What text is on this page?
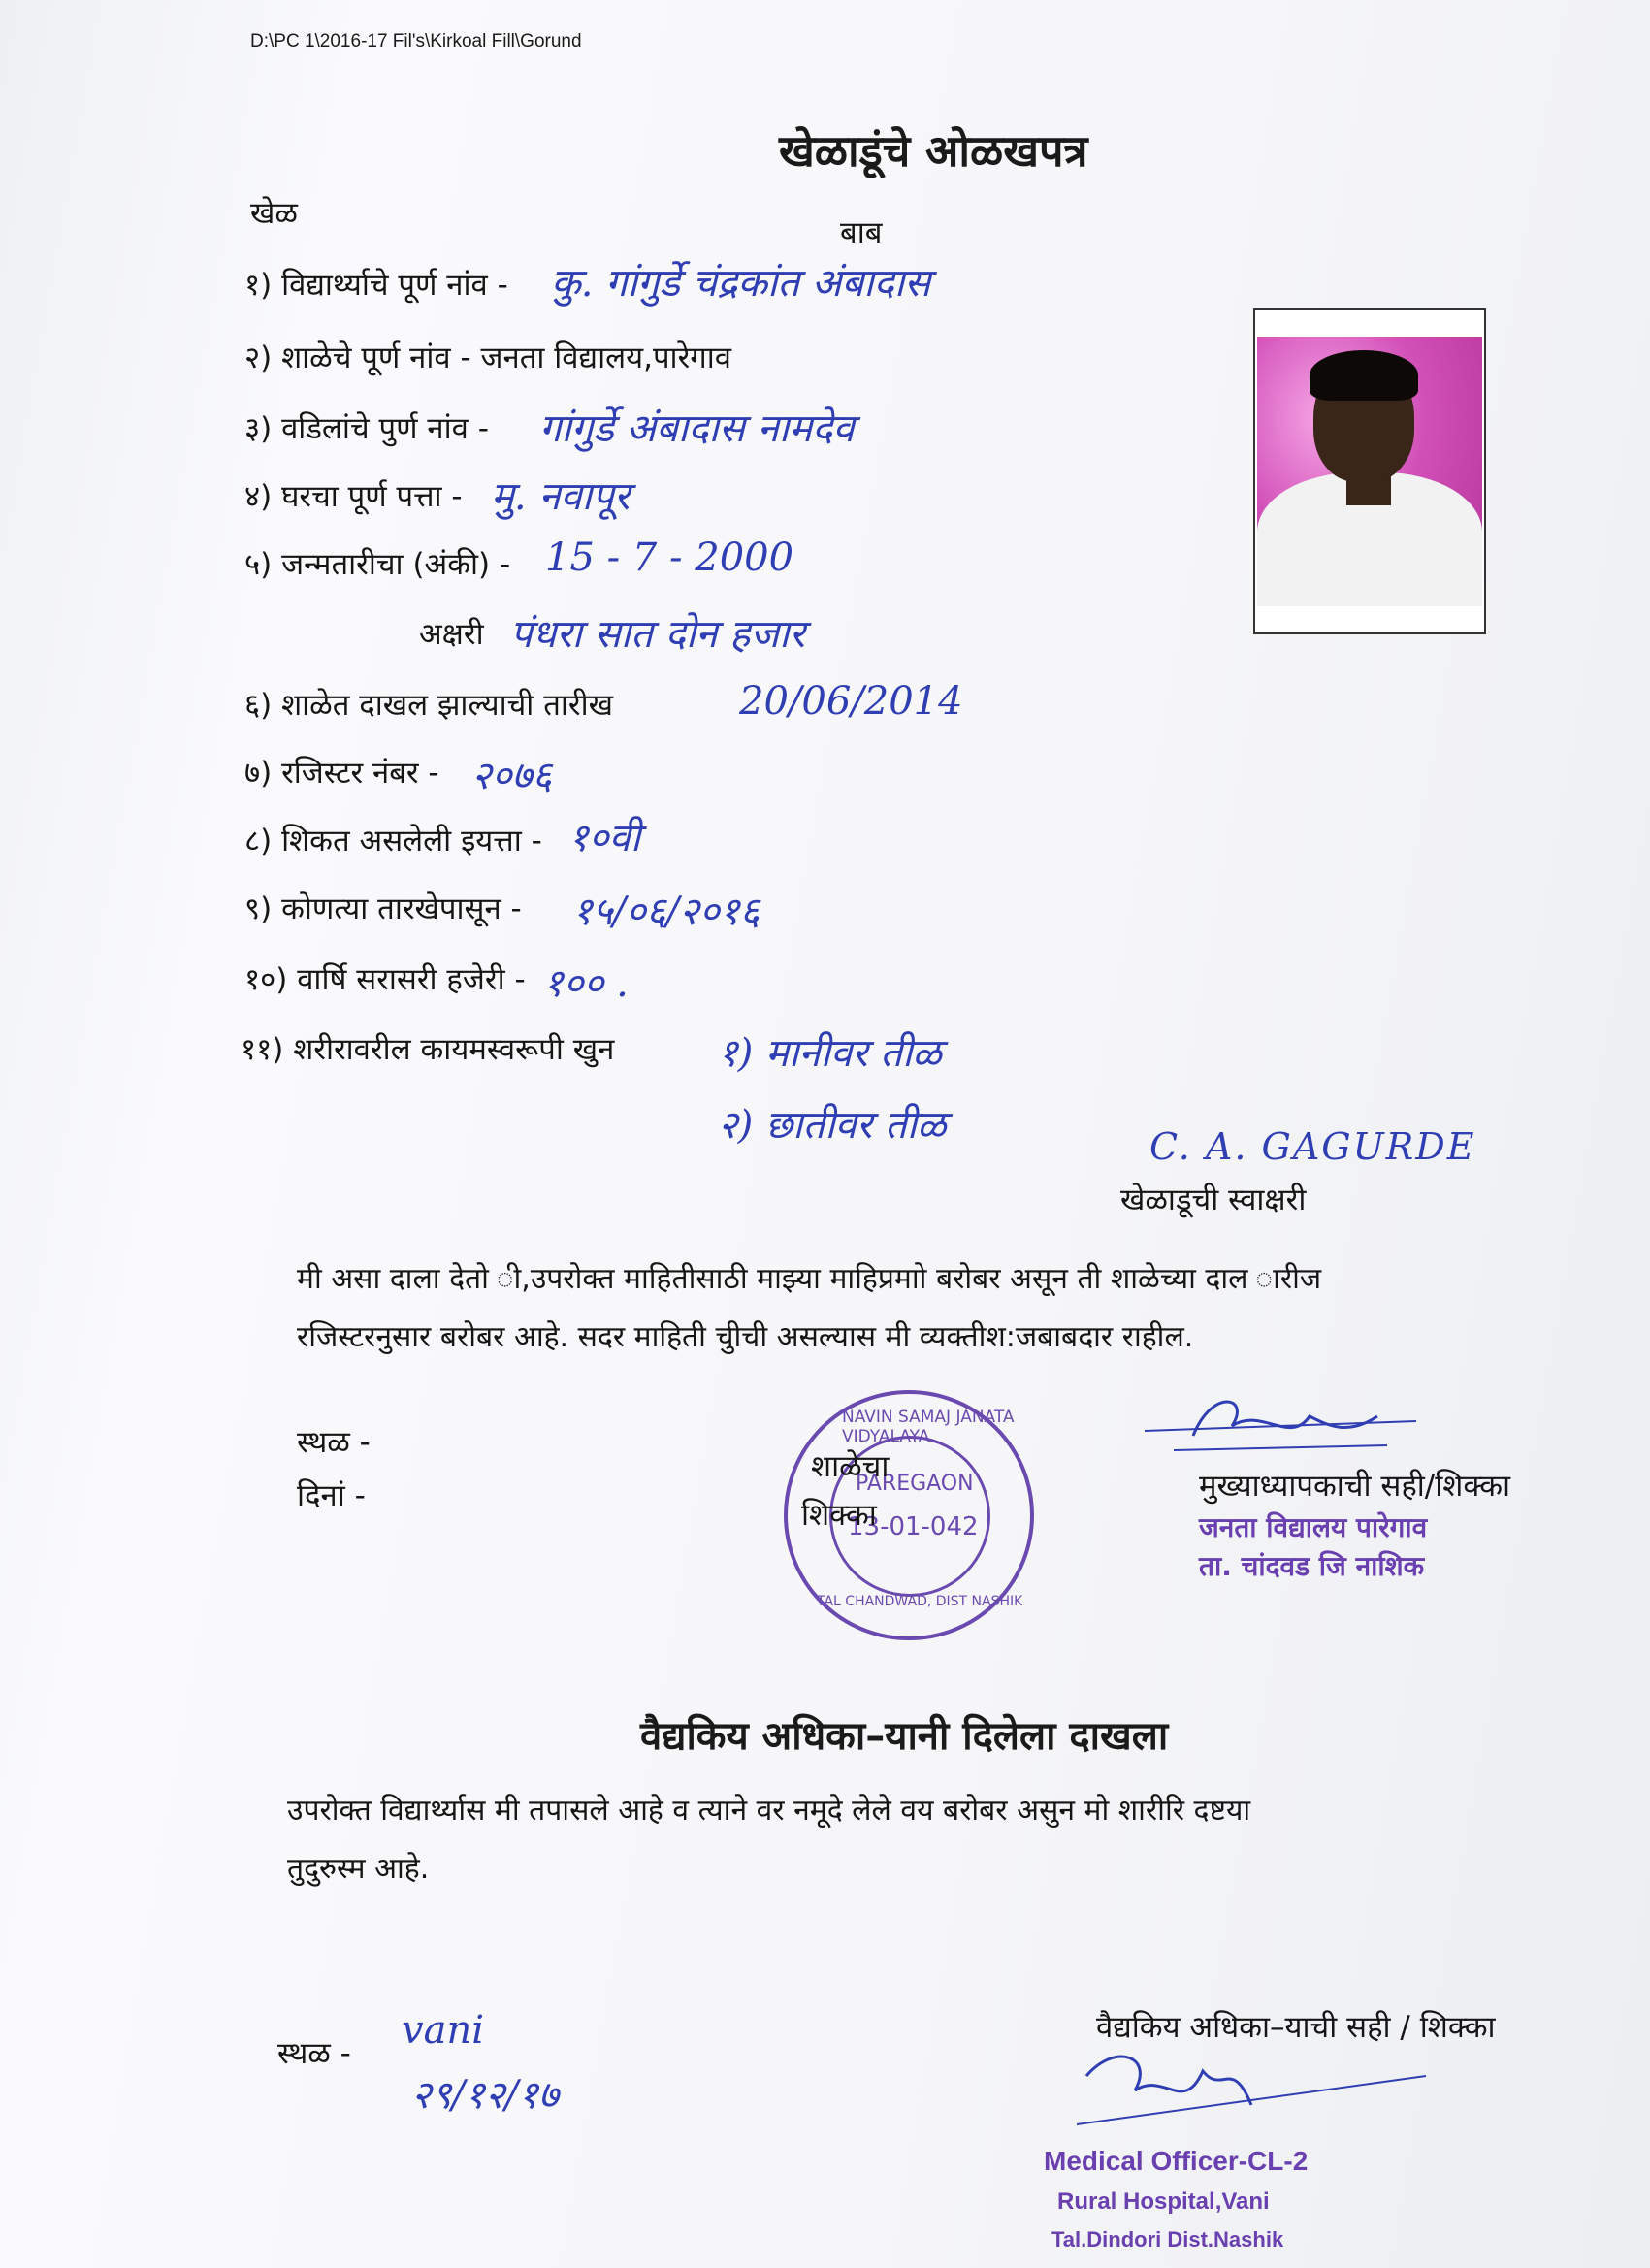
D:\PC 1\2016-17 Fil's\Kirkoal Fill\Gorund
खेळाडूंचे ओळखपत्र
खेळ
बाब
१) विद्यार्थ्याचे पूर्ण नांव - कु. गांगुर्डे चंद्रकांत अंबादास
२) शाळेचे पूर्ण नांव - जनता विद्यालय,पारेगाव
३) वडिलांचे पुर्ण नांव - गांगुर्डे अंबादास नामदेव
४) घरचा पूर्ण पत्ता - मु. नवापूर
५) जन्मतारीचा (अंकी) - 15 - 7 - 2000
अक्षरी पंधरा सात दोन हजार
६) शाळेत दाखल झाल्याची तारीख	20/06/2014
७) रजिस्टर नंबर - २०७६
८) शिकत असलेली इयत्ता - १०वी
९) कोणत्या तारखेपासून - १५/०६/२०१६
१०) वार्षि सरासरी हजेरी - १०० .
११) शरीरावरील कायमस्वरूपी खुन	१) मानीवर तीळ
२) छातीवर तीळ	C. A. GAGURDE
खेळाडूची स्वाक्षरी
मी असा दाला देतो ी,उपरोक्त माहितीसाठी माझ्या माहिप्रमाो बरोबर असून ती शाळेच्या दाल ारीज
रजिस्टरनुसार बरोबर आहे. सदर माहिती चुीची असल्यास मी व्यक्तीश:जबाबदार राहील.
स्थळ -
दिनां -
NAVIN SAMAJ JANATA VIDYALAYA
PAREGAON
13-01-042
TAL CHANDWAD, DIST NASHIK
शाळेचा
शिक्का
मुख्याध्यापकाची सही/शिक्का
जनता विद्यालय पारेगाव
ता. चांदवड जि नाशिक
वैद्यकिय अधिका–यानी दिलेला दाखला
उपरोक्त विद्यार्थ्यास मी तपासले आहे व त्याने वर नमूदे लेले वय बरोबर असुन मो शारीरि दष्टया
तुदुरुस्म आहे.
वैद्यकिय अधिका–याची सही / शिक्का
स्थळ -
vani
२९/१२/१७
Medical Officer-CL-2
Rural Hospital,Vani
Tal.Dindori Dist.Nashik
